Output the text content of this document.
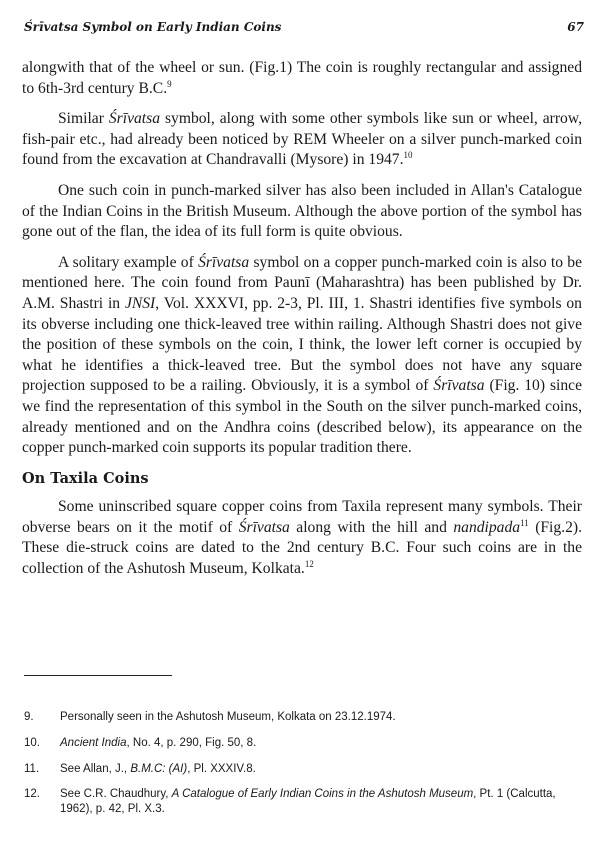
Śrīvatsa Symbol on Early Indian Coins	67

alongwith that of the wheel or sun. (Fig.1) The coin is roughly rectangular and assigned to 6th-3rd century B.C.$^9$

Similar Śrīvatsa symbol, along with some other symbols like sun or wheel, arrow, fish-pair etc., had already been noticed by REM Wheeler on a silver punch-marked coin found from the excavation at Chandravalli (Mysore) in 1947.10

One such coin in punch-marked silver has also been included in Allan's Catalogue of the Indian Coins in the British Museum. Although the above portion of the symbol has gone out of the flan, the idea of its full form is quite obvious.

A solitary example of Śrīvatsa symbol on a copper punch-marked coin is also to be mentioned here. The coin found from Paunī (Maharashtra) has been published by Dr. A.M. Shastri in JNSI, Vol. XXXVI, pp. 2-3, Pl. III, 1. Shastri identifies five symbols on its obverse including one thick-leaved tree within railing. Although Shastri does not give the position of these symbols on the coin, I think, the lower left corner is occupied by what he identifies a thick-leaved tree. But the symbol does not have any square projection supposed to be a railing. Obviously, it is a symbol of Śrīvatsa (Fig. 10) since we find the representation of this symbol in the South on the silver punch-marked coins, already mentioned and on the Andhra coins (described below), its appearance on the copper punch-marked coin supports its popular tradition there.

On Taxila Coins

Some uninscribed square copper coins from Taxila represent many symbols. Their obverse bears on it the motif of Śrīvatsa along with the hill and nandipada$^{11}$ (Fig.2). These die-struck coins are dated to the 2nd century B.C. Four such coins are in the collection of the Ashutosh Museum, Kolkata.$^{12}$

9. Personally seen in the Ashutosh Museum, Kolkata on 23.12.1974.
10. Ancient India, No. 4, p. 290, Fig. 50, 8.
11. See Allan, J., B.M.C: (AI), Pl. XXXIV.8.
12. See C.R. Chaudhury, A Catalogue of Early Indian Coins in the Ashutosh Museum, Pt. 1 (Calcutta, 1962), p. 42, Pl. X.3.
